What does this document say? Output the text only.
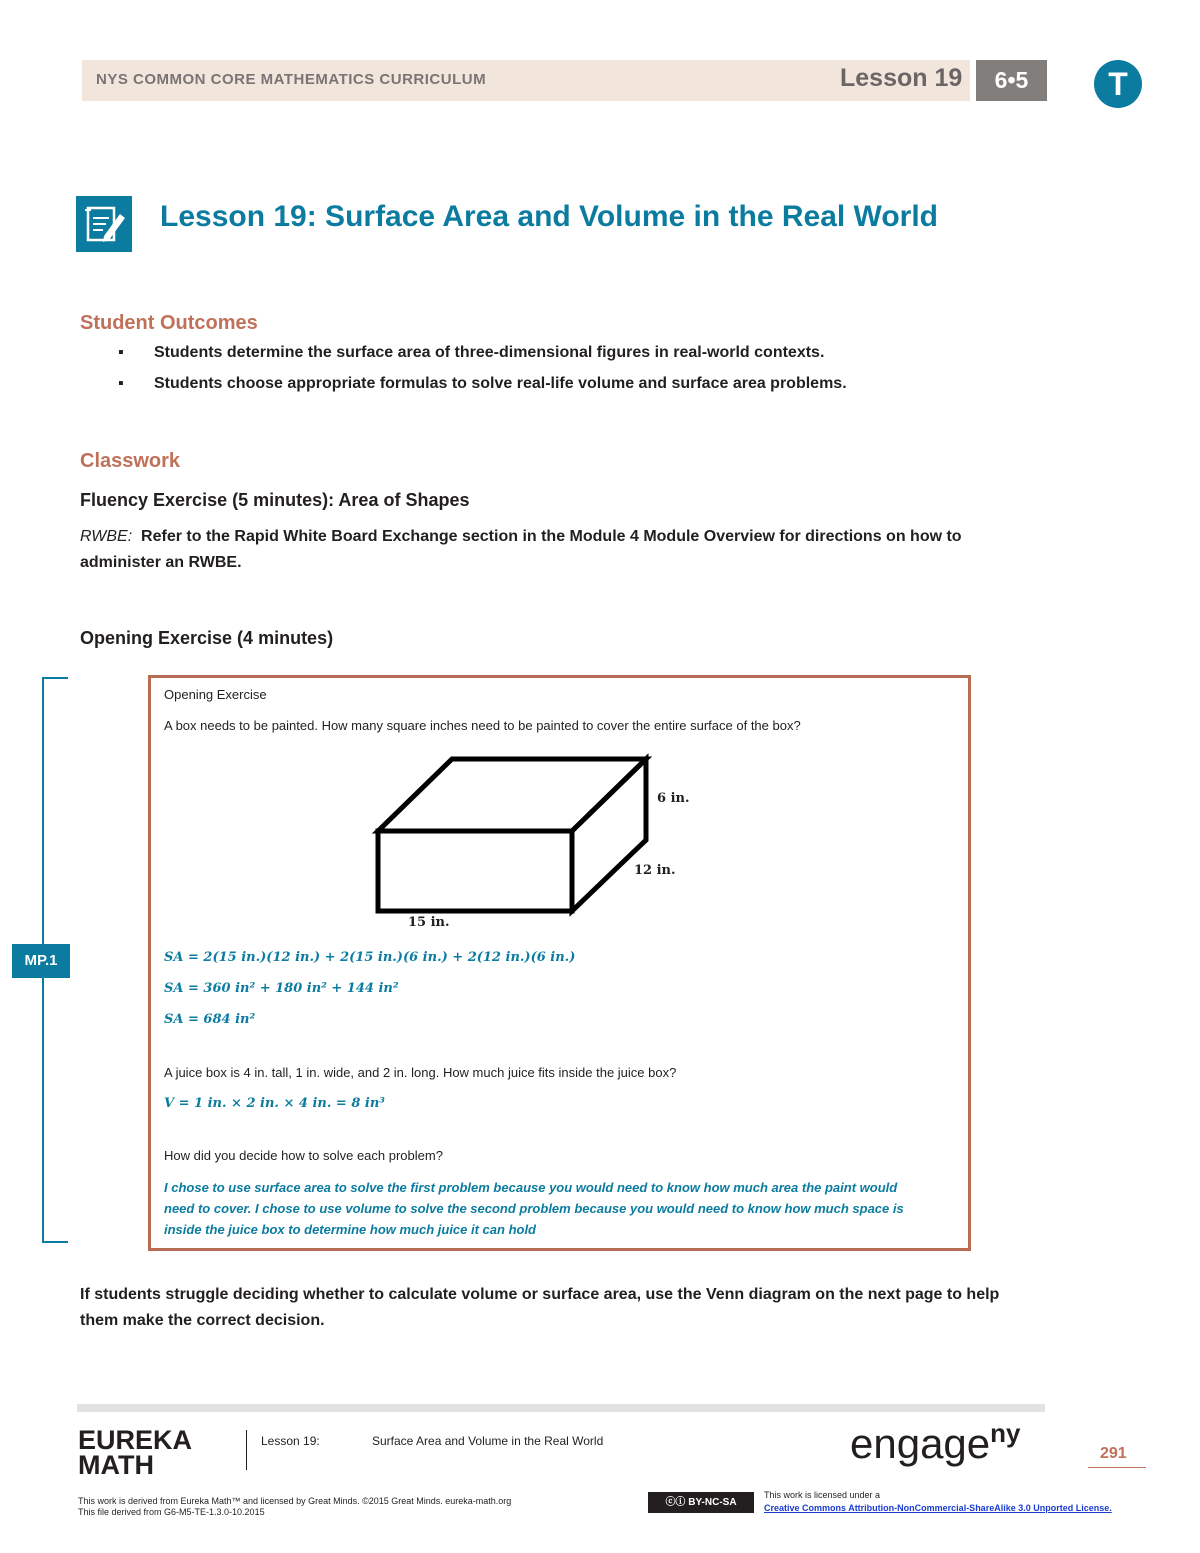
NYS COMMON CORE MATHEMATICS CURRICULUM	Lesson 19	6•5	T
Lesson 19: Surface Area and Volume in the Real World
Student Outcomes
▪ Students determine the surface area of three-dimensional figures in real-world contexts.
▪ Students choose appropriate formulas to solve real-life volume and surface area problems.
Classwork
Fluency Exercise (5 minutes): Area of Shapes
RWBE: Refer to the Rapid White Board Exchange section in the Module 4 Module Overview for directions on how to
administer an RWBE.
Opening Exercise (4 minutes)
MP.1
Opening Exercise
A box needs to be painted. How many square inches need to be painted to cover the entire surface of the box?
6 in.
12 in.
15 in.
SA = 2(15 in.)(12 in.) + 2(15 in.)(6 in.) + 2(12 in.)(6 in.)
SA = 360 in² + 180 in² + 144 in²
SA = 684 in²
A juice box is 4 in. tall, 1 in. wide, and 2 in. long. How much juice fits inside the juice box?
V = 1 in. × 2 in. × 4 in. = 8 in³
How did you decide how to solve each problem?
I chose to use surface area to solve the first problem because you would need to know how much area the paint would
need to cover. I chose to use volume to solve the second problem because you would need to know how much space is
inside the juice box to determine how much juice it can hold
If students struggle deciding whether to calculate volume or surface area, use the Venn diagram on the next page to help
them make the correct decision.
EUREKA
MATH
Lesson 19:	Surface Area and Volume in the Real World	engage$^{ny}$
291
This work is derived from Eureka Math™ and licensed by Great Minds. ©2015 Great Minds. eureka-math.org
This file derived from G6-M5-TE-1.3.0-10.2015
ⓒⓘ BY-NC-SA
This work is licensed under a
Creative Commons Attribution-NonCommercial-ShareAlike 3.0 Unported License.
